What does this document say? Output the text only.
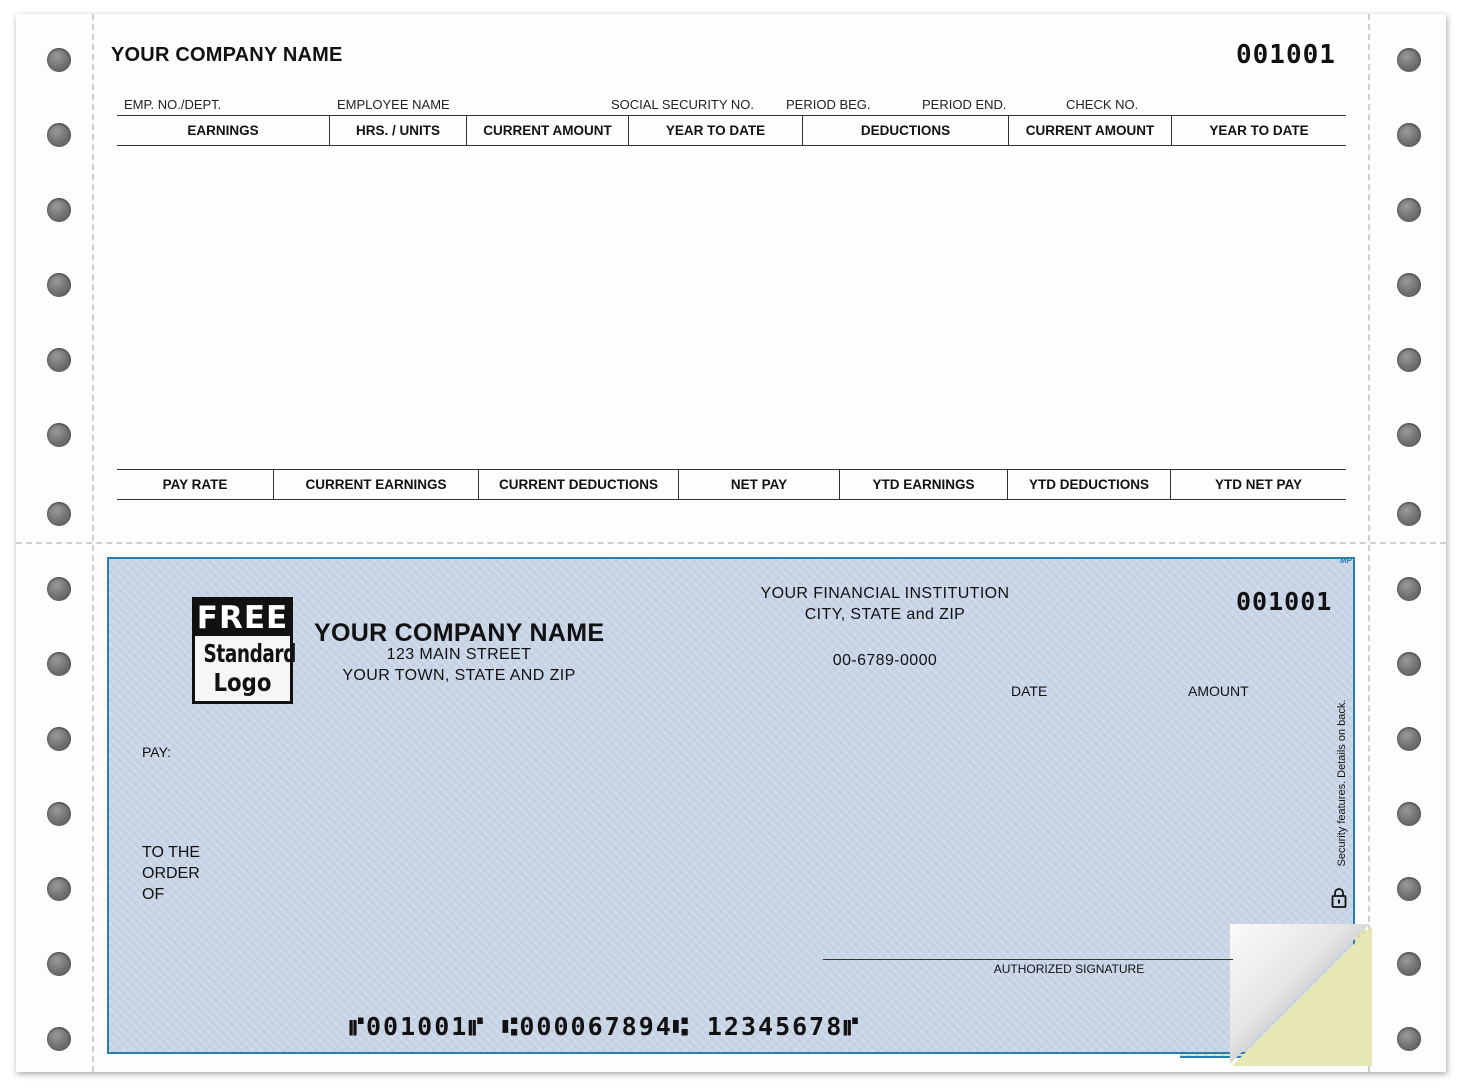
YOUR COMPANY NAME	001001
EMP. NO./DEPT.	EMPLOYEE NAME	SOCIAL SECURITY NO. PERIOD BEG.	PERIOD END.	CHECK NO.
EARNINGS	HRS. / UNITS	CURRENT AMOUNT	YEAR TO DATE	DEDUCTIONS	CURRENT AMOUNT	YEAR TO DATE
PAY RATE	CURRENT EARNINGS	CURRENT DEDUCTIONS	NET PAY	YTD EARNINGS	YTD DEDUCTIONS	YTD NET PAY
MP
FREE
Standard
Logo
YOUR COMPANY NAME
123 MAIN STREET
YOUR TOWN, STATE AND ZIP
YOUR FINANCIAL INSTITUTION
CITY, STATE and ZIP
00-6789-0000
001001
DATE	AMOUNT
PAY:
TO THE
ORDER
OF
AUTHORIZED SIGNATURE
Security features. Details on back.
⑈001001⑈ ⑆000067894⑆ 12345678⑈
